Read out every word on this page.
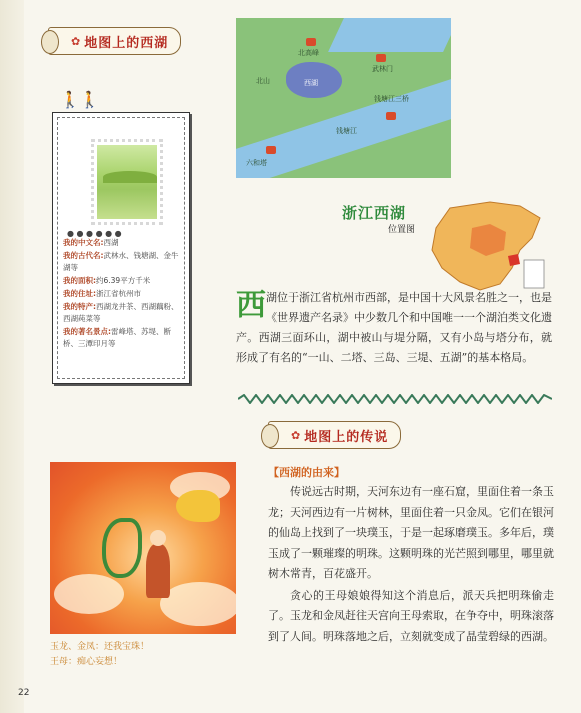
✿ 地图上的西湖
🚶🚶
● ● ● ● ● ●
我的中文名:西湖
我的古代名:武林水、钱塘湖、金牛湖等
我的面积:约6.39平方千米
我的住址:浙江省杭州市
我的特产:西湖龙井茶、西湖藕粉、西湖莼菜等
我的著名景点:雷峰塔、苏堤、断桥、三潭印月等
北高峰
武林门
北山	西湖
钱塘江三桥
钱塘江
六和塔
浙江西湖
位置图
西 湖位于浙江省杭州市西部，是中国十大风景名胜之一，也是《世界遗产名录》中少数几个和中国唯一一个湖泊类文化遗产。西湖三面环山，湖中被山与堤分隔，又有小岛与塔分布，就形成了有名的“一山、二塔、三岛、三堤、五湖”的基本格局。
✿ 地图上的传说
玉龙、金凤：还我宝珠！
王母：痴心妄想！
【西湖的由来】

传说远古时期，天河东边有一座石窟，里面住着一条玉龙；天河西边有一片树林，里面住着一只金凤。它们在银河的仙岛上找到了一块璞玉，于是一起琢磨璞玉。多年后，璞玉成了一颗璀璨的明珠。这颗明珠的光芒照到哪里，哪里就树木常青，百花盛开。

贪心的王母娘娘得知这个消息后，派天兵把明珠偷走了。玉龙和金凤赶往天宫向王母索取，在争夺中，明珠滚落到了人间。明珠落地之后，立刻就变成了晶莹碧绿的西湖。

22
